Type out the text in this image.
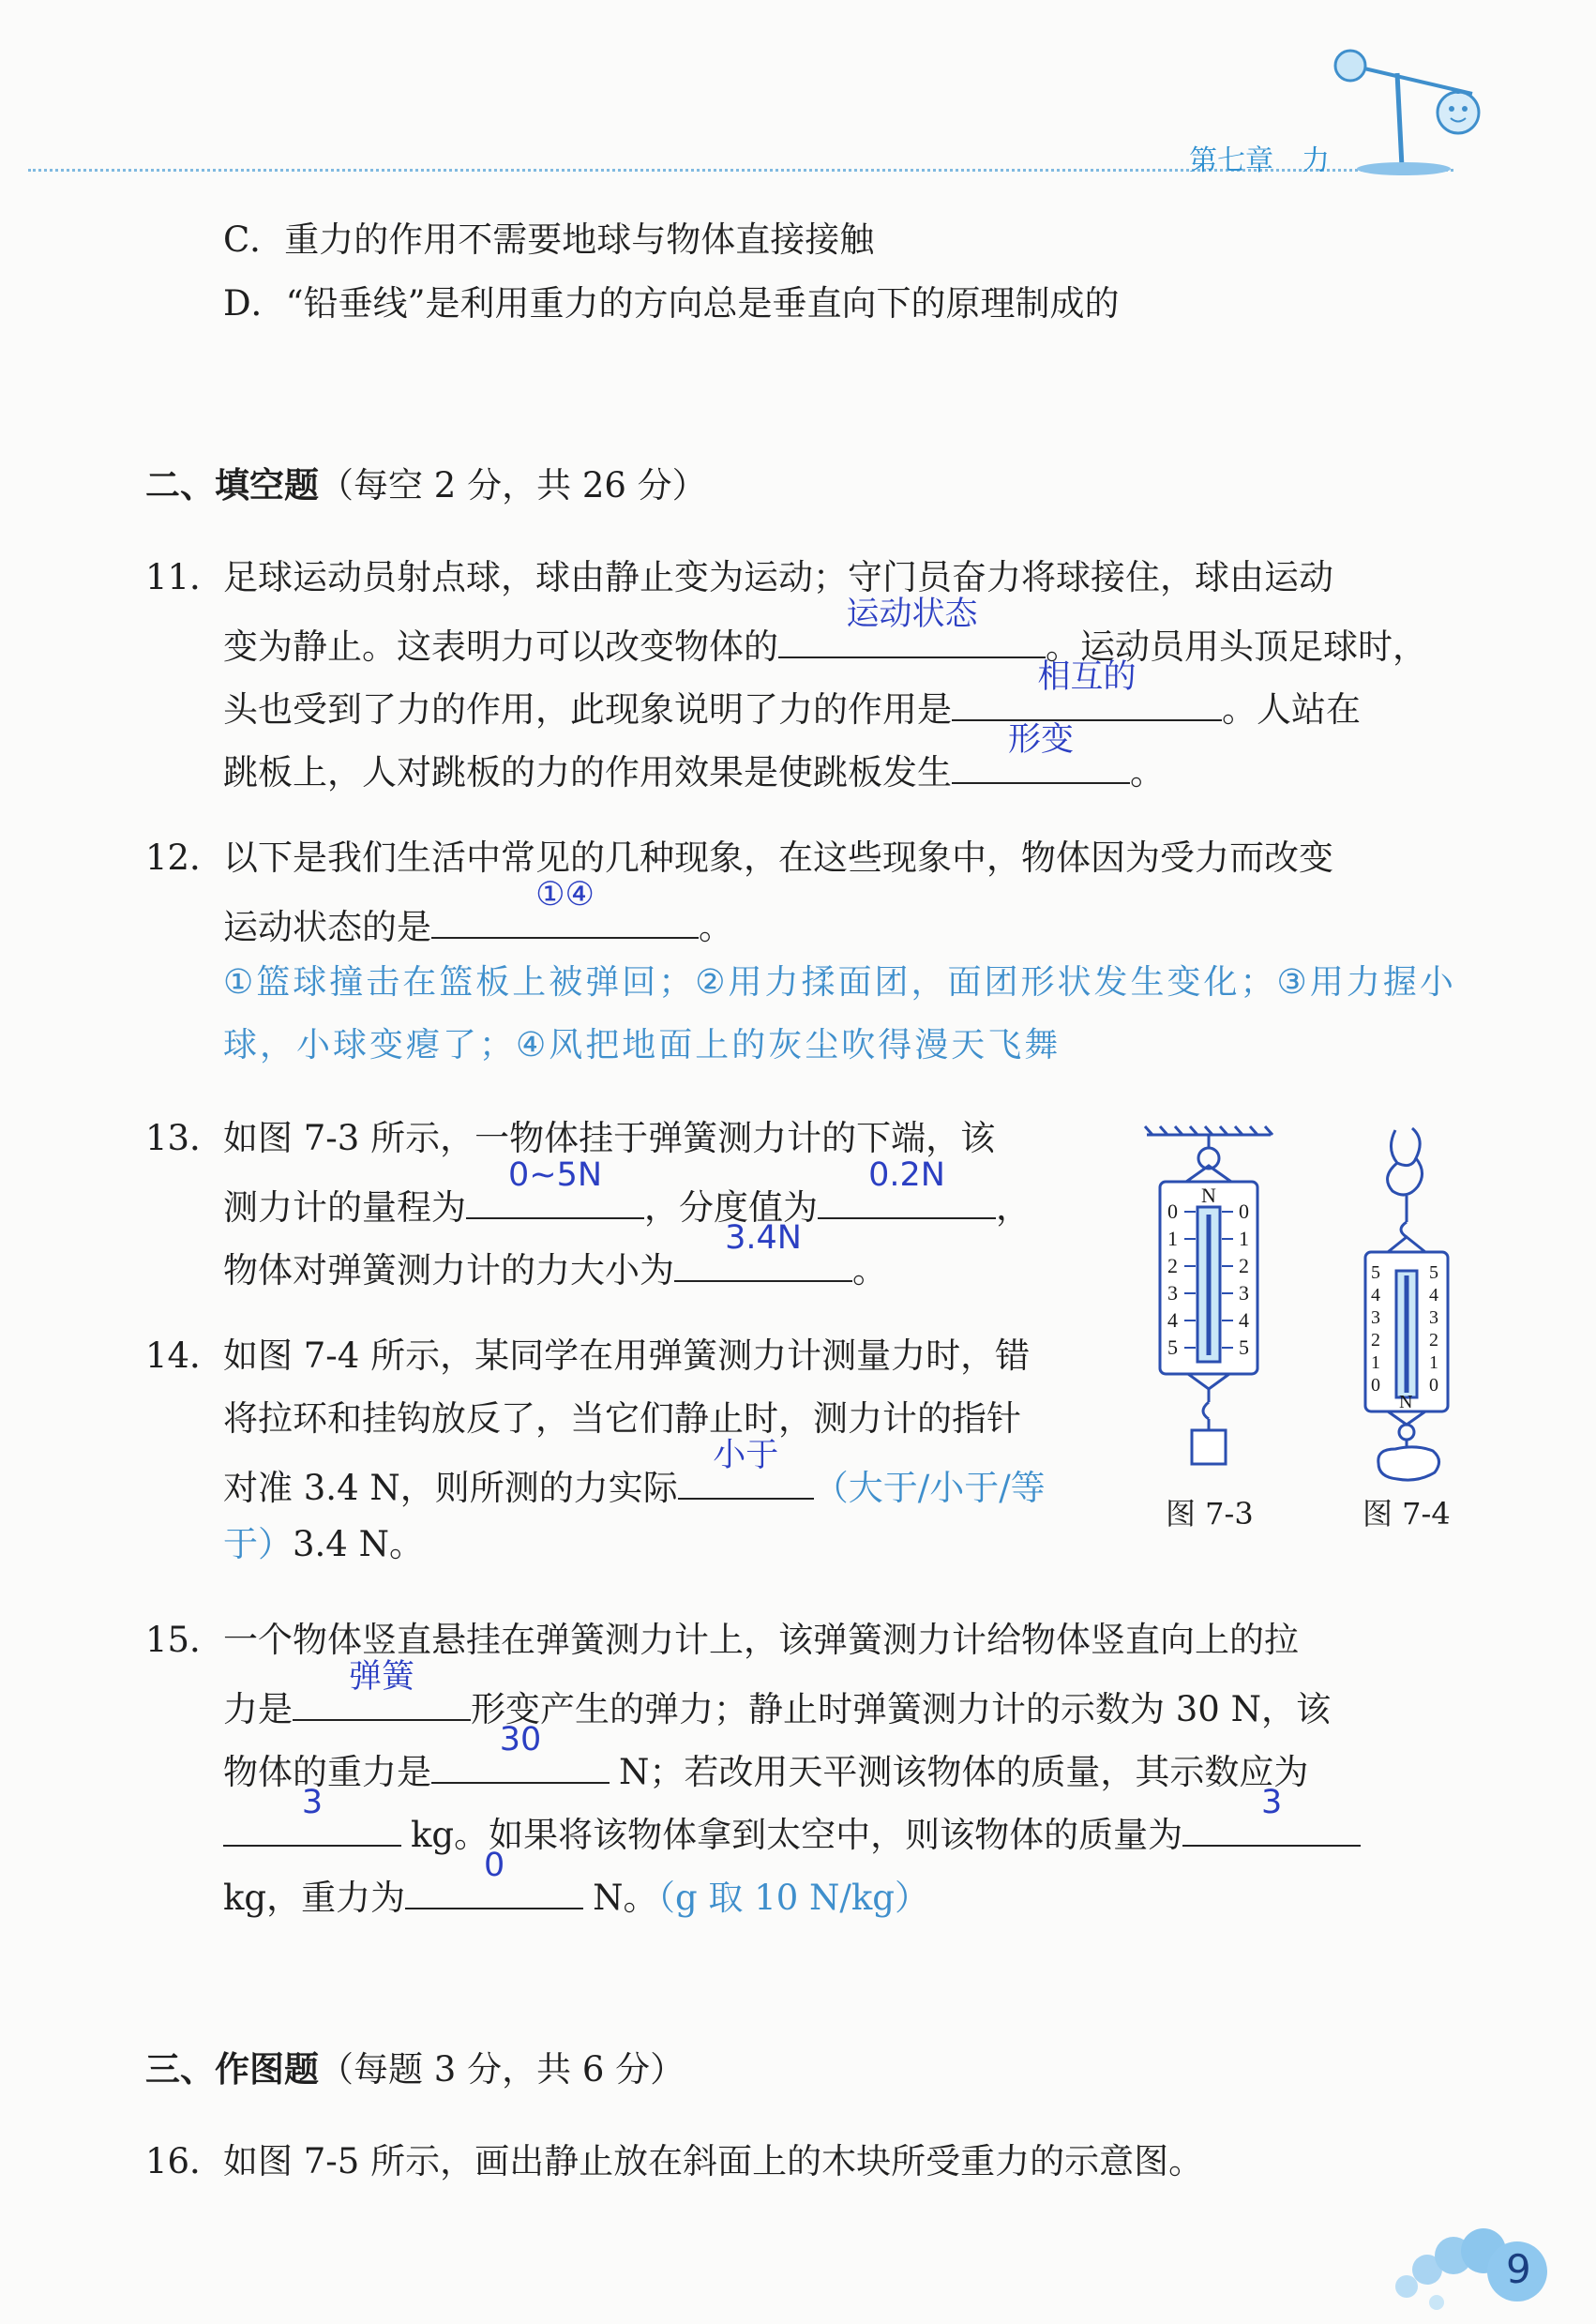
第七章　力
C．重力的作用不需要地球与物体直接接触
D．“铅垂线”是利用重力的方向总是垂直向下的原理制成的
二、填空题（每空 2 分，共 26 分）
11．
足球运动员射点球，球由静止变为运动；守门员奋力将球接住，球由运动
变为静止。这表明力可以改变物体的
运动状态
。运动员用头顶足球时，
头也受到了力的作用，此现象说明了力的作用是
相互的
。人站在
跳板上，人对跳板的力的作用效果是使跳板发生
形变
。
12．
以下是我们生活中常见的几种现象，在这些现象中，物体因为受力而改变
运动状态的是
①④
。
①篮球撞击在篮板上被弹回；②用力揉面团，面团形状发生变化；③用力握小
球，小球变瘪了；④风把地面上的灰尘吹得漫天飞舞
13．
如图 7-3 所示，一物体挂于弹簧测力计的下端，该
测力计的量程为
0~5N
，分度值为
0.2N
，
物体对弹簧测力计的力大小为
3.4N
。
14．
如图 7-4 所示，某同学在用弹簧测力计测量力时，错
将拉环和挂钩放反了，当它们静止时，测力计的指针
对准 3.4 N，则所测的力实际
小于
（大于/小于/等
于）3.4 N。
N
0	0
1	1
2	2
3	3
4	4
5	5
图 7-3
5	5
4	4
3	3
2	2
1	1
0	0
N
图 7-4
15．
一个物体竖直悬挂在弹簧测力计上，该弹簧测力计给物体竖直向上的拉
力是
弹簧
形变产生的弹力；静止时弹簧测力计的示数为 30 N，该
物体的重力是
30
N；若改用天平测该物体的质量，其示数应为
3
kg。如果将该物体拿到太空中，则该物体的质量为
3
kg，重力为
0
N。（g 取 10 N/kg）
三、作图题（每题 3 分，共 6 分）
16．
如图 7-5 所示，画出静止放在斜面上的木块所受重力的示意图。
9
